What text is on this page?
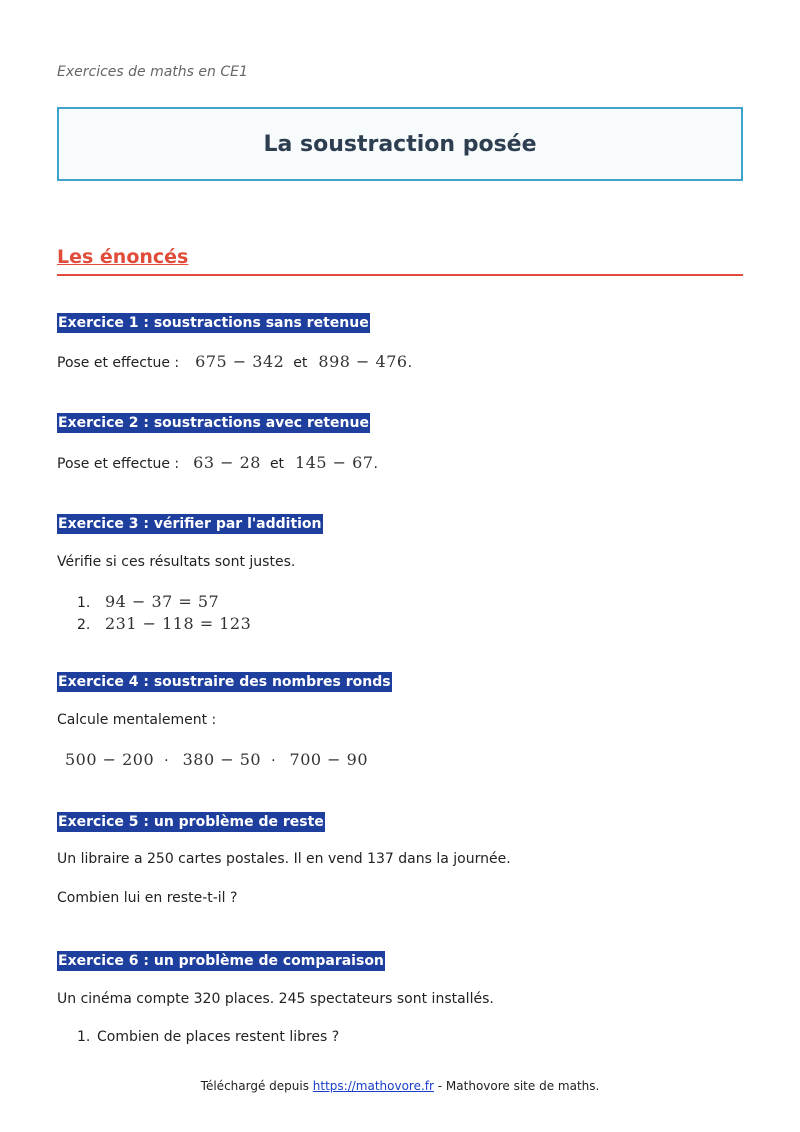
Exercices de maths en CE1
La soustraction posée
Les énoncés
Exercice 1 : soustractions sans retenue
Pose et effectue : 675 − 342 et 898 − 476 .
Exercice 2 : soustractions avec retenue
Pose et effectue : 63 − 28 et 145 − 67 .
Exercice 3 : vérifier par l'addition
Vérifie si ces résultats sont justes.
1. 94 − 37 = 57
2. 231 − 118 = 123
Exercice 4 : soustraire des nombres ronds
Calcule mentalement :
500 − 200 · 380 − 50 · 700 − 90
Exercice 5 : un problème de reste
Un libraire a 250 cartes postales. Il en vend 137 dans la journée.
Combien lui en reste-t-il ?
Exercice 6 : un problème de comparaison
Un cinéma compte 320 places. 245 spectateurs sont installés.
1. Combien de places restent libres ?
Téléchargé depuis https://mathovore.fr - Mathovore site de maths.
